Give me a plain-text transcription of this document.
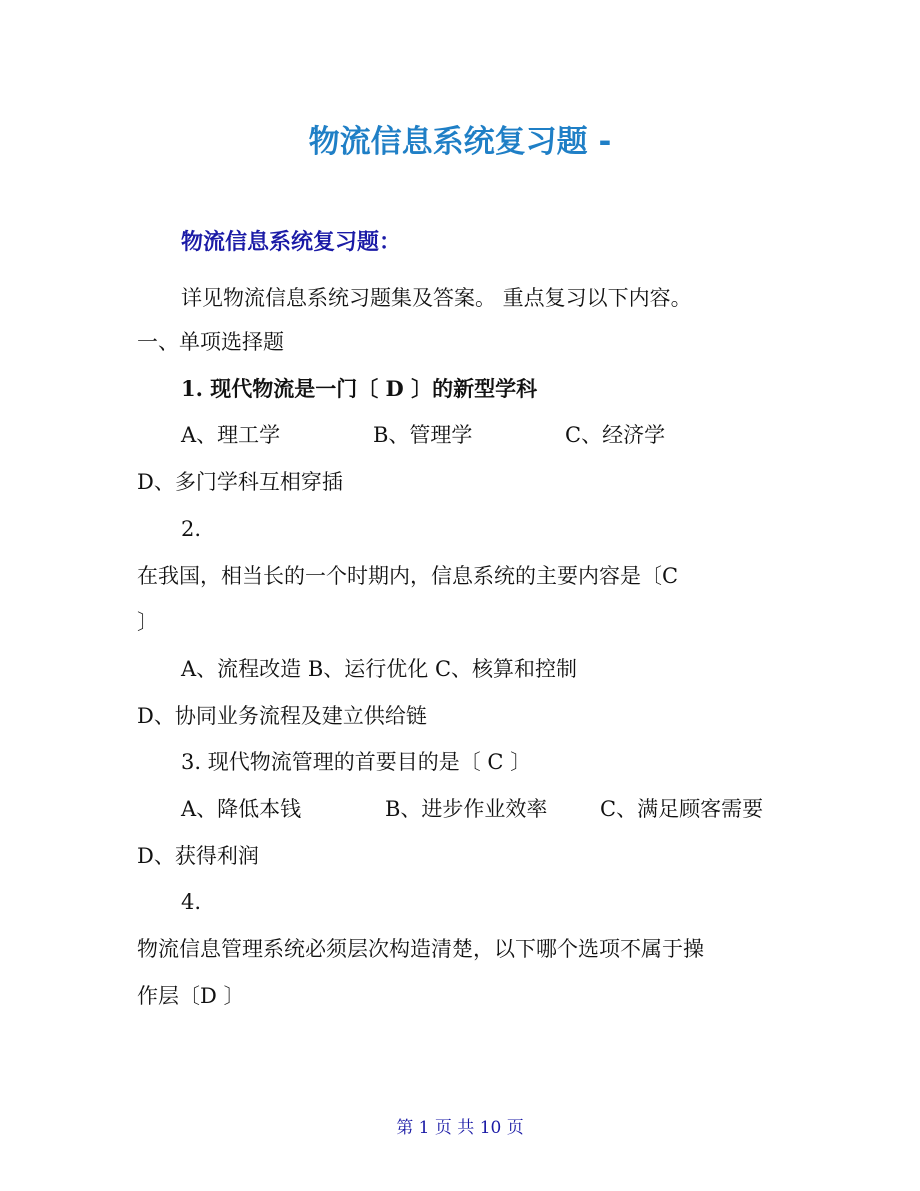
物流信息系统复习题 -
物流信息系统复习题：
详见物流信息系统习题集及答案。 重点复习以下内容。
一、单项选择题
1. 现代物流是一门〔 D 〕的新型学科
A、理工学	B、管理学	C、经济学
D、多门学科互相穿插
2.
在我国，相当长的一个时期内，信息系统的主要内容是〔C
〕
A、流程改造 B、运行优化 C、核算和控制
D、协同业务流程及建立供给链
3. 现代物流管理的首要目的是〔 C 〕
A、降低本钱	B、进步作业效率	C、满足顾客需要
D、获得利润
4.
物流信息管理系统必须层次构造清楚，以下哪个选项不属于操
作层〔D 〕
第 1 页 共 10 页
